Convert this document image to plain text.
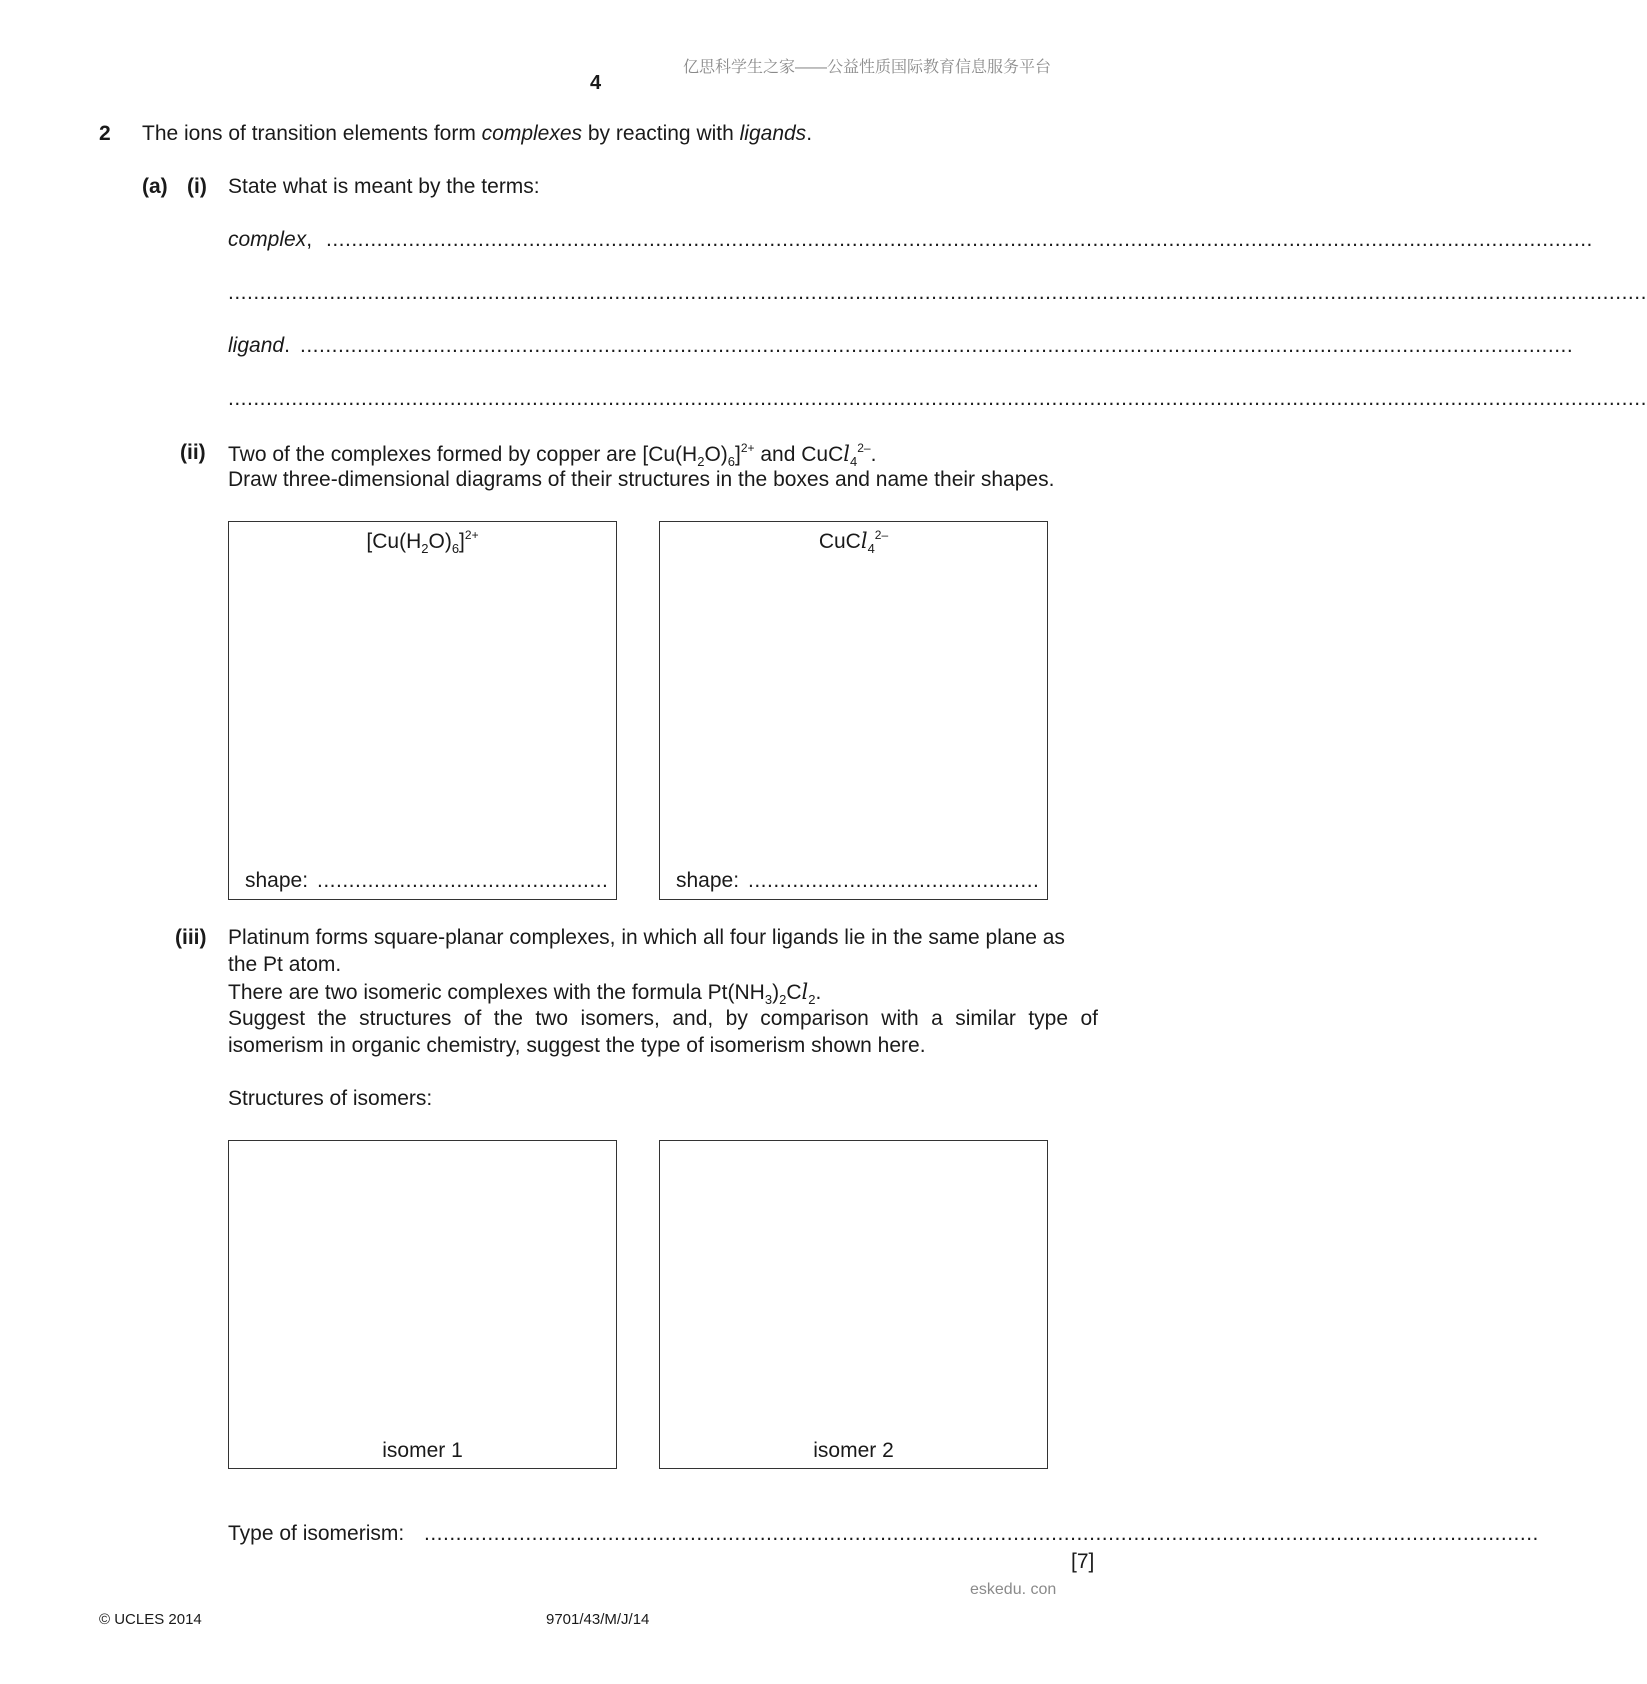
亿思科学生之家——公益性质国际教育信息服务平台
4
2 The ions of transition elements form complexes by reacting with ligands.
(a) (i) State what is meant by the terms:
complex, ........................................................................................................................................................................................................
................................................................................................................................................................................................................................
ligand. .........................................................................................................................................................................................................
................................................................................................................................................................................................................................
(ii) Two of the complexes formed by copper are $[Cu(H_2O)_6]^{2+}$ and CuCl$_4^{2-}$.
Draw three-dimensional diagrams of their structures in the boxes and name their shapes.
$[Cu(H_2O)_6]^{2+}$
shape: ..............................................
CuCl$_4^{2-}$
shape: ..............................................
(iii) Platinum forms square-planar complexes, in which all four ligands lie in the same plane as
the Pt atom.
There are two isomeric complexes with the formula $Pt(NH_3)_2Cl_2$.
Suggest the structures of the two isomers, and, by comparison with a similar type of
isomerism in organic chemistry, suggest the type of isomerism shown here.
Structures of isomers:
isomer 1	isomer 2
Type of isomerism: ................................................................................................................................................................................
[7]
eskedu. con
© UCLES 2014	9701/43/M/J/14
